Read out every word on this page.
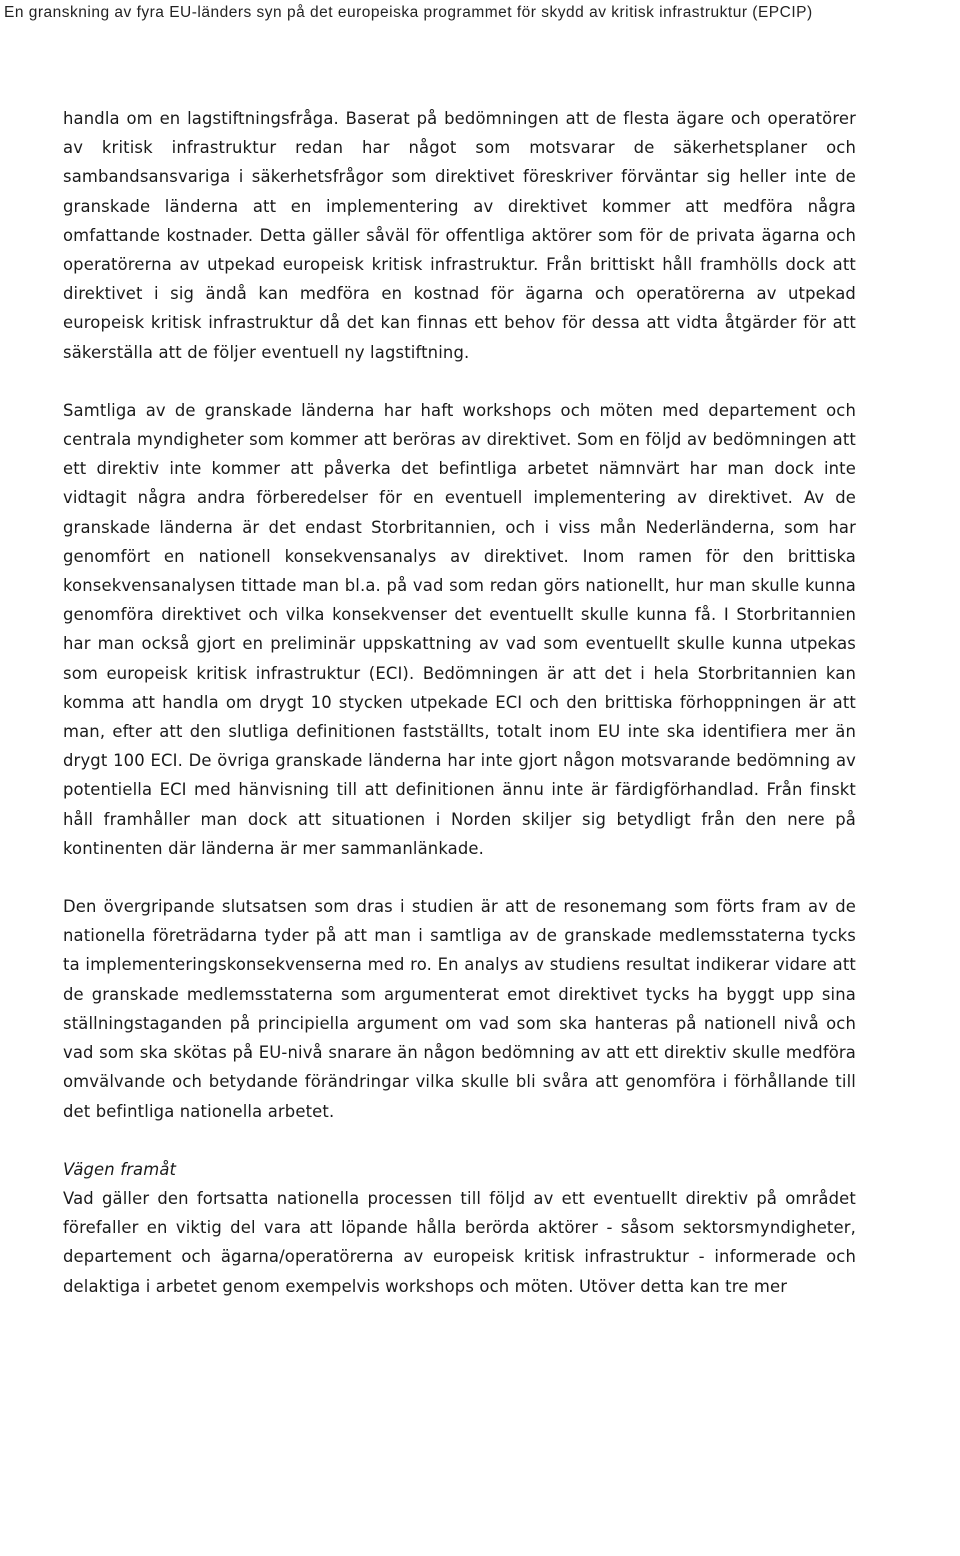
En granskning av fyra EU-länders syn på det europeiska programmet för skydd av kritisk infrastruktur (EPCIP)

handla om en lagstiftningsfråga. Baserat på bedömningen att de flesta ägare och operatörer av kritisk infrastruktur redan har något som motsvarar de säkerhetsplaner och sambandsansvariga i säkerhetsfrågor som direktivet föreskriver förväntar sig heller inte de granskade länderna att en implementering av direktivet kommer att medföra några omfattande kostnader. Detta gäller såväl för offentliga aktörer som för de privata ägarna och operatörerna av utpekad europeisk kritisk infrastruktur. Från brittiskt håll framhölls dock att direktivet i sig ändå kan medföra en kostnad för ägarna och operatörerna av utpekad europeisk kritisk infrastruktur då det kan finnas ett behov för dessa att vidta åtgärder för att säkerställa att de följer eventuell ny lagstiftning.

Samtliga av de granskade länderna har haft workshops och möten med departement och centrala myndigheter som kommer att beröras av direktivet. Som en följd av bedömningen att ett direktiv inte kommer att påverka det befintliga arbetet nämnvärt har man dock inte vidtagit några andra förberedelser för en eventuell implementering av direktivet. Av de granskade länderna är det endast Storbritannien, och i viss mån Nederländerna, som har genomfört en nationell konsekvensanalys av direktivet. Inom ramen för den brittiska konsekvensanalysen tittade man bl.a. på vad som redan görs nationellt, hur man skulle kunna genomföra direktivet och vilka konsekvenser det eventuellt skulle kunna få. I Storbritannien har man också gjort en preliminär uppskattning av vad som eventuellt skulle kunna utpekas som europeisk kritisk infrastruktur (ECI). Bedömningen är att det i hela Storbritannien kan komma att handla om drygt 10 stycken utpekade ECI och den brittiska förhoppningen är att man, efter att den slutliga definitionen fastställts, totalt inom EU inte ska identifiera mer än drygt 100 ECI. De övriga granskade länderna har inte gjort någon motsvarande bedömning av potentiella ECI med hänvisning till att definitionen ännu inte är färdigförhandlad. Från finskt håll framhåller man dock att situationen i Norden skiljer sig betydligt från den nere på kontinenten där länderna är mer sammanlänkade.

Den övergripande slutsatsen som dras i studien är att de resonemang som förts fram av de nationella företrädarna tyder på att man i samtliga av de granskade medlemsstaterna tycks ta implementeringskonsekvenserna med ro. En analys av studiens resultat indikerar vidare att de granskade medlemsstaterna som argumenterat emot direktivet tycks ha byggt upp sina ställningstaganden på principiella argument om vad som ska hanteras på nationell nivå och vad som ska skötas på EU-nivå snarare än någon bedömning av att ett direktiv skulle medföra omvälvande och betydande förändringar vilka skulle bli svåra att genomföra i förhållande till det befintliga nationella arbetet.

Vägen framåt

Vad gäller den fortsatta nationella processen till följd av ett eventuellt direktiv på området förefaller en viktig del vara att löpande hålla berörda aktörer - såsom sektorsmyndigheter, departement och ägarna/operatörerna av europeisk kritisk infrastruktur - informerade och delaktiga i arbetet genom exempelvis workshops och möten. Utöver detta kan tre mer
